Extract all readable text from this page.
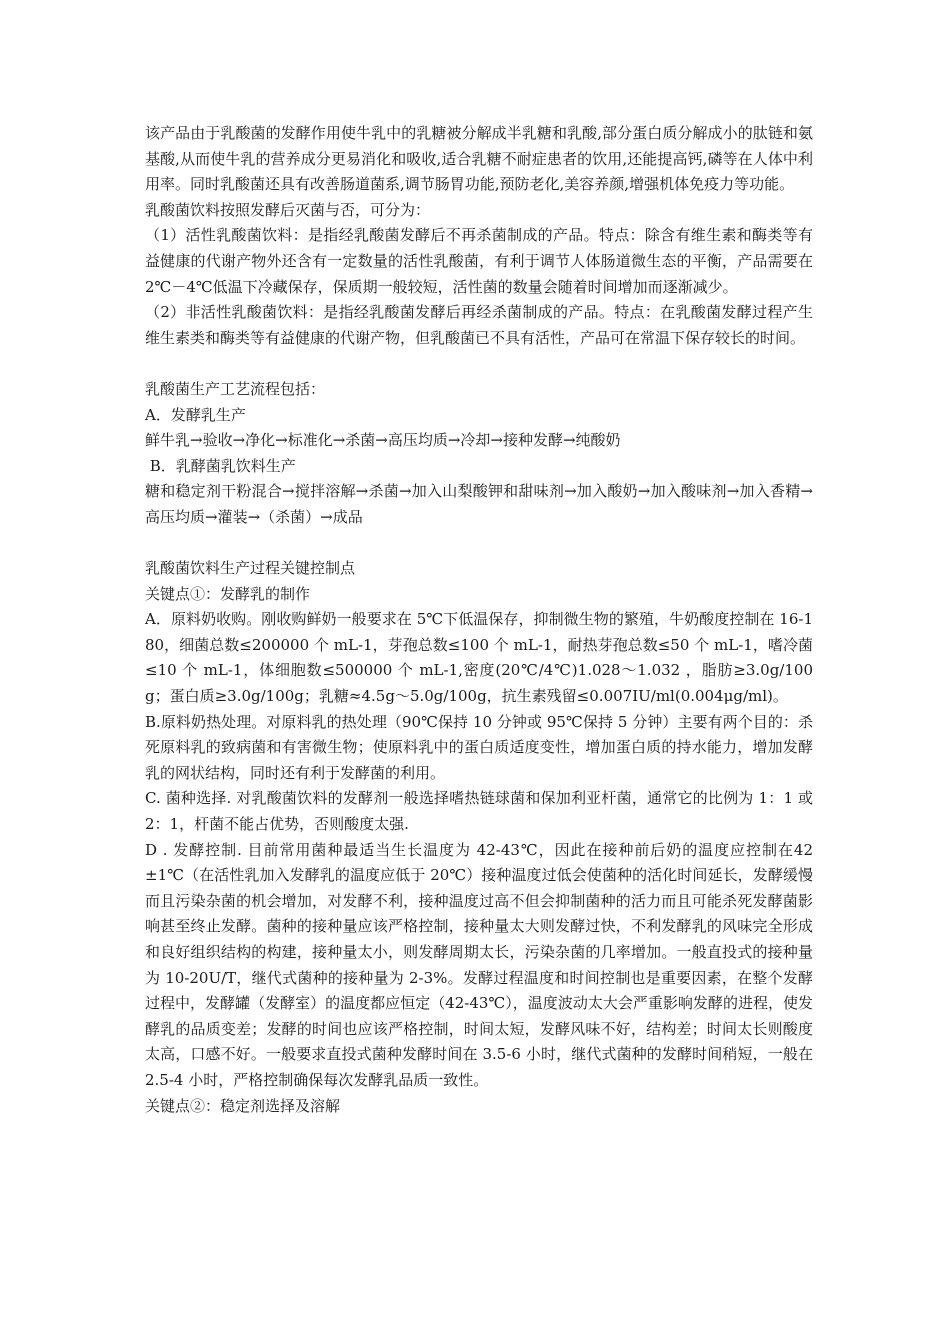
该产品由于乳酸菌的发酵作用使牛乳中的乳糖被分解成半乳糖和乳酸,部分蛋白质分解成小的肽链和氨基酸,从而使牛乳的营养成分更易消化和吸收,适合乳糖不耐症患者的饮用,还能提高钙,磷等在人体中利用率。同时乳酸菌还具有改善肠道菌系,调节肠胃功能,预防老化,美容养颜,增强机体免疫力等功能。

乳酸菌饮料按照发酵后灭菌与否，可分为：

（1）活性乳酸菌饮料：是指经乳酸菌发酵后不再杀菌制成的产品。特点：除含有维生素和酶类等有益健康的代谢产物外还含有一定数量的活性乳酸菌，有利于调节人体肠道微生态的平衡，产品需要在 2℃－4℃低温下冷藏保存，保质期一般较短，活性菌的数量会随着时间增加而逐渐减少。

（2）非活性乳酸菌饮料：是指经乳酸菌发酵后再经杀菌制成的产品。特点：在乳酸菌发酵过程产生维生素类和酶类等有益健康的代谢产物，但乳酸菌已不具有活性，产品可在常温下保存较长的时间。

乳酸菌生产工艺流程包括：

A．发酵乳生产

鲜牛乳→验收→净化→标准化→杀菌→高压均质→冷却→接种发酵→纯酸奶

B．乳酵菌乳饮料生产

糖和稳定剂干粉混合→搅拌溶解→杀菌→加入山梨酸钾和甜味剂→加入酸奶→加入酸味剂→加入香精→高压均质→灌装→（杀菌）→成品

乳酸菌饮料生产过程关键控制点

关键点①：发酵乳的制作

A．原料奶收购。刚收购鲜奶一般要求在 5℃下低温保存，抑制微生物的繁殖，牛奶酸度控制在 16-180，细菌总数≤200000 个 mL-1，芽孢总数≤100 个 mL-1，耐热芽孢总数≤50 个 mL-1，嗜冷菌≤10 个 mL-1，体细胞数≤500000 个 mL-1,密度(20℃/4℃)1.028～1.032 ，脂肪≥3.0g/100g；蛋白质≥3.0g/100g；乳糖≈4.5g～5.0g/100g，抗生素残留≤0.007IU/ml(0.004μg/ml)。

B.原料奶热处理。对原料乳的热处理（90℃保持 10 分钟或 95℃保持 5 分钟）主要有两个目的：杀死原料乳的致病菌和有害微生物；使原料乳中的蛋白质适度变性，增加蛋白质的持水能力，增加发酵乳的网状结构，同时还有利于发酵菌的利用。

C. 菌种选择. 对乳酸菌饮料的发酵剂一般选择嗜热链球菌和保加利亚杆菌，通常它的比例为 1：1 或 2：1，杆菌不能占优势，否则酸度太强.

D . 发酵控制. 目前常用菌种最适当生长温度为 42-43℃，因此在接种前后奶的温度应控制在42±1℃（在活性乳加入发酵乳的温度应低于 20℃）接种温度过低会使菌种的活化时间延长，发酵缓慢而且污染杂菌的机会增加，对发酵不利，接种温度过高不但会抑制菌种的活力而且可能杀死发酵菌影响甚至终止发酵。菌种的接种量应该严格控制，接种量太大则发酵过快，不利发酵乳的风味完全形成和良好组织结构的构建，接种量太小，则发酵周期太长，污染杂菌的几率增加。一般直投式的接种量为 10-20U/T，继代式菌种的接种量为 2-3%。发酵过程温度和时间控制也是重要因素，在整个发酵过程中，发酵罐（发酵室）的温度都应恒定（42-43℃），温度波动太大会严重影响发酵的进程，使发酵乳的品质变差；发酵的时间也应该严格控制，时间太短，发酵风味不好，结构差；时间太长则酸度太高，口感不好。一般要求直投式菌种发酵时间在 3.5-6 小时，继代式菌种的发酵时间稍短，一般在 2.5-4 小时，严格控制确保每次发酵乳品质一致性。

关键点②：稳定剂选择及溶解
